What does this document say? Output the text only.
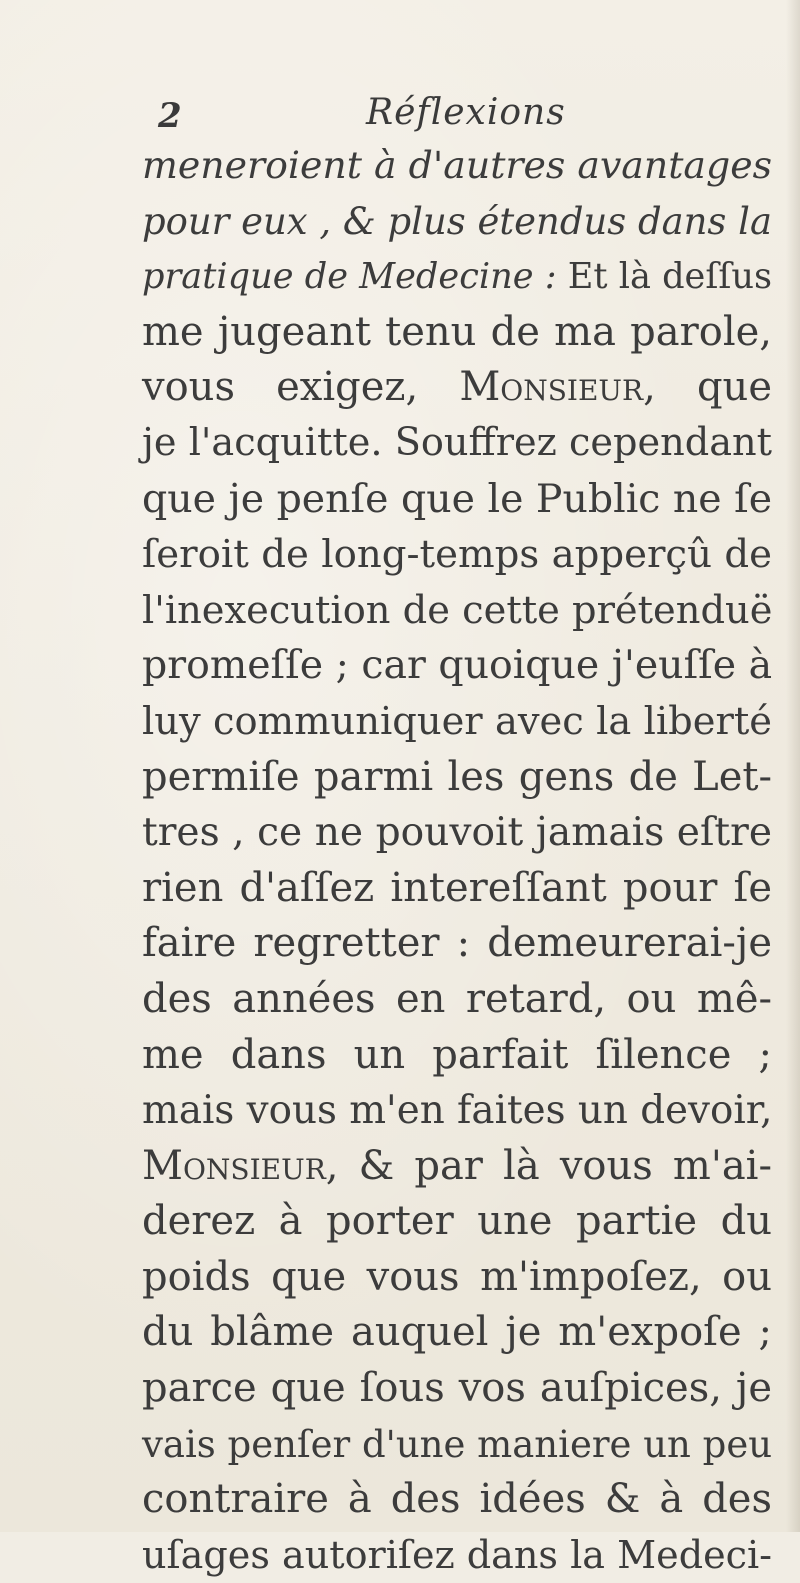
2	Réflexions
meneroient à d'autres avantages
pour eux , & plus étendus dans la
pratique de Medecine : Et là deſſus
me jugeant tenu de ma parole,
vous exigez, Monsieur, que
je l'acquitte. Souffrez cependant
que je penſe que le Public ne ſe
ſeroit de long-temps apperçû de
l'inexecution de cette prétenduë
promeſſe ; car quoique j'euſſe à
luy communiquer avec la liberté
permiſe parmi les gens de Let-
tres , ce ne pouvoit jamais eſtre
rien d'aſſez intereſſant pour ſe
faire regretter : demeurerai-je
des années en retard, ou mê-
me dans un parfait ſilence ;
mais vous m'en faites un devoir,
Monsieur, & par là vous m'ai-
derez à porter une partie du
poids que vous m'impoſez, ou
du blâme auquel je m'expoſe ;
parce que ſous vos auſpices, je
vais penſer d'une maniere un peu
contraire à des idées & à des
uſages autoriſez dans la Medeci-
